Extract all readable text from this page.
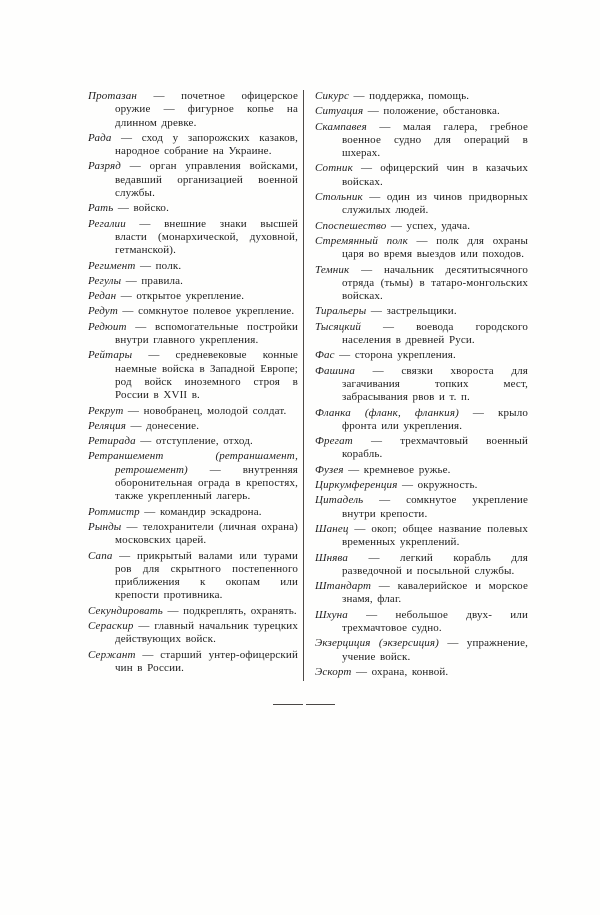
Протазан — почетное офицерское оружие — фигурное копье на длинном древке.

Рада — сход у запорожских казаков, народное собрание на Украине.

Разряд — орган управления войсками, ведавший организацией военной службы.

Рать — войско.

Регалии — внешние знаки высшей власти (монархической, духовной, гетманской).

Регимент — полк.

Регулы — правила.

Редан — открытое укрепление.

Редут — сомкнутое полевое укрепление.

Редюит — вспомогательные постройки внутри главного укрепления.

Рейтары — средневековые конные наемные войска в Западной Европе; род войск иноземного строя в России в XVII в.

Рекрут — новобранец, молодой солдат.

Реляция — донесение.

Ретирада — отступление, отход.

Ретраншемент (ретраншамент, ретрошемент) — внутренняя оборонительная ограда в крепостях, также укрепленный лагерь.

Ротмистр — командир эскадрона.

Рынды — телохранители (личная охрана) московских царей.

Сапа — прикрытый валами или турами ров для скрытного постепенного приближения к окопам или крепости противника.

Секундировать — подкреплять, охранять.

Сераскир — главный начальник турецких действующих войск.

Сержант — старший унтер-офицерский чин в России.

Сикурс — поддержка, помощь.

Ситуация — положение, обстановка.

Скампавея — малая галера, гребное военное судно для операций в шхерах.

Сотник — офицерский чин в казачьих войсках.

Стольник — один из чинов придворных служилых людей.

Споспешество — успех, удача.

Стремянный полк — полк для охраны царя во время выездов или походов.

Темник — начальник десятитысячного отряда (тьмы) в татаро-монгольских войсках.

Тиральеры — застрельщики.

Тысяцкий — воевода городского населения в древней Руси.

Фас — сторона укрепления.

Фашина — связки хвороста для загачивания топких мест, забрасывания рвов и т. п.

Фланка (фланк, фланкия) — крыло фронта или укрепления.

Фрегат — трехмачтовый военный корабль.

Фузея — кремневое ружье.

Циркумференция — окружность.

Цитадель — сомкнутое укрепление внутри крепости.

Шанец — окоп; общее название полевых временных укреплений.

Шнява — легкий корабль для разведочной и посыльной службы.

Штандарт — кавалерийское и морское знамя, флаг.

Шхуна — небольшое двух- или трехмачтовое судно.

Экзерциция (экзерсиция) — упражнение, учение войск.

Эскорт — охрана, конвой.
